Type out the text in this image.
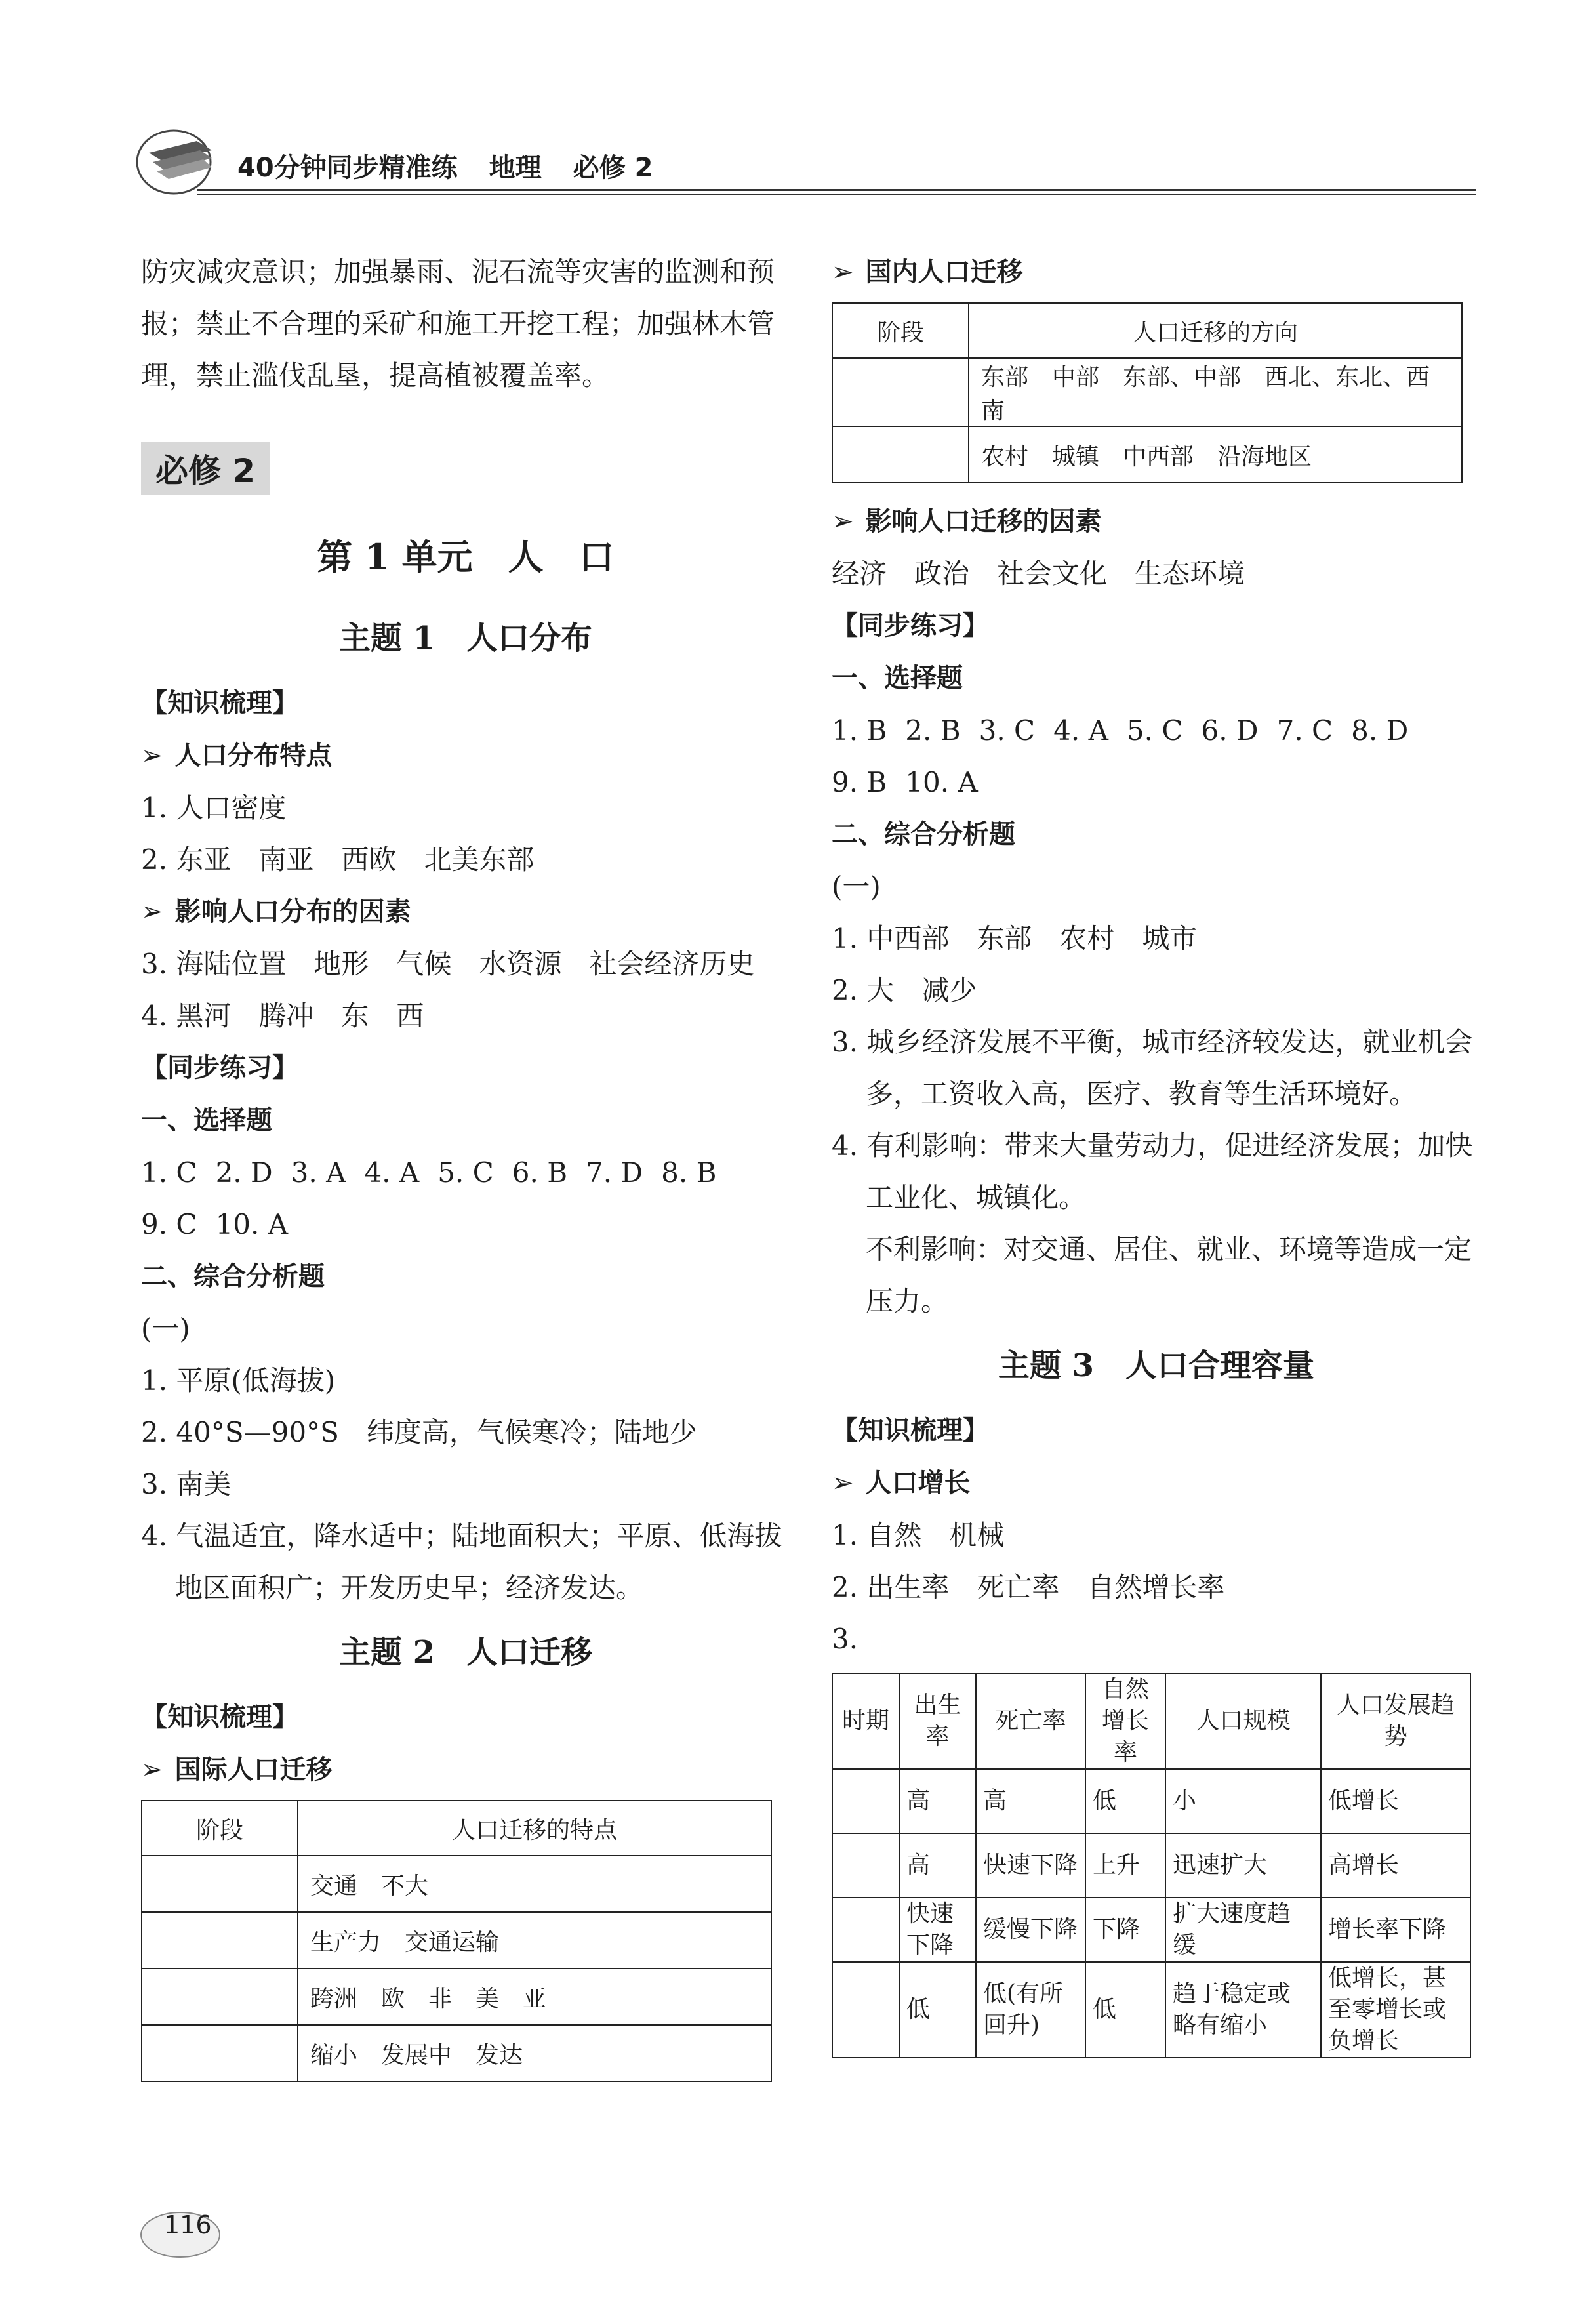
40分钟同步精准练 地理 必修 2

防灾减灾意识；加强暴雨、泥石流等灾害的监测和预报；禁止不合理的采矿和施工开挖工程；加强林木管理，禁止滥伐乱垦，提高植被覆盖率。

必修 2

第 1 单元　人　口

主题 1　人口分布

【知识梳理】

➢ 人口分布特点

1. 人口密度

2. 东亚　南亚　西欧　北美东部

➢ 影响人口分布的因素

3. 海陆位置　地形　气候　水资源　社会经济历史

4. 黑河　腾冲　东　西

【同步练习】

一、选择题

1. C 2. D 3. A 4. A 5. C 6. B 7. D 8. B

9. C 10. A

二、综合分析题

(一)

1. 平原(低海拔)

2. 40°S—90°S　纬度高，气候寒冷；陆地少

3. 南美

4. 气温适宜，降水适中；陆地面积大；平原、低海拔地区面积广；开发历史早；经济发达。

主题 2　人口迁移

【知识梳理】

➢ 国际人口迁移

阶段	人口迁移的特点
	交通　不大
	生产力　交通运输
	跨洲　欧　非　美　亚
	缩小　发展中　发达

➢ 国内人口迁移

阶段	人口迁移的方向
	东部　中部　东部、中部　西北、东北、西南
	农村　城镇　中西部　沿海地区

➢ 影响人口迁移的因素

经济　政治　社会文化　生态环境

【同步练习】

一、选择题

1. B 2. B 3. C 4. A 5. C 6. D 7. C 8. D

9. B 10. A

二、综合分析题

(一)

1. 中西部　东部　农村　城市

2. 大　减少

3. 城乡经济发展不平衡，城市经济较发达，就业机会多，工资收入高，医疗、教育等生活环境好。

4. 有利影响：带来大量劳动力，促进经济发展；加快工业化、城镇化。

不利影响：对交通、居住、就业、环境等造成一定压力。

主题 3　人口合理容量

【知识梳理】

➢ 人口增长

1. 自然　机械

2. 出生率　死亡率　自然增长率

3.

时期	出生率	死亡率	自然增长率	人口规模	人口发展趋势
	高	高	低	小	低增长
	高	快速下降	上升	迅速扩大	高增长
	快速下降	缓慢下降	下降	扩大速度趋缓	增长率下降
	低	低(有所回升)	低	趋于稳定或略有缩小	低增长，甚至零增长或负增长
116
